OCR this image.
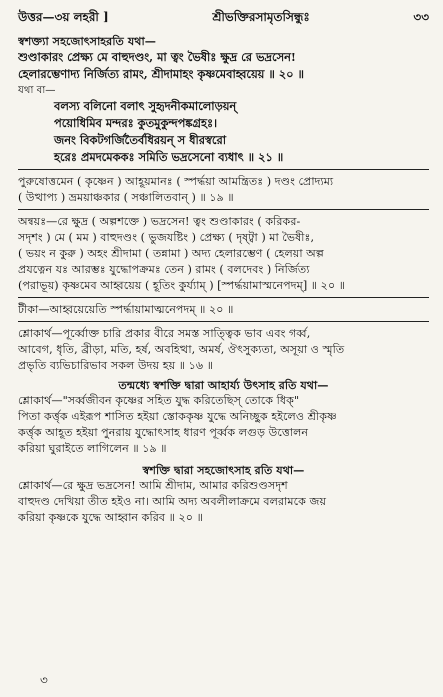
উত্তর—৩য় লহরী ]	শ্রীভক্তিরসামৃতসিন্ধুঃ	৩৩
স্বশক্ত্যা সহজোৎসাহরতি যথা—
শুণ্ডাকারং প্রেক্ষ্য মে বাহুদণ্ডং, মা ত্বং ভৈষীঃ ক্ষুদ্র রে ভদ্রসেন!
হেলারম্ভেণাদ্য নির্জিত্য রামং, শ্রীদামাহং কৃষ্ণমেবাহ্বয়েয় ॥ ২০ ॥
যথা বা—
বলস্য বলিনো বলাৎ সুহৃদনীকমালোড়য়ন্
পয়োধিমিব মন্দরঃ কুতমুকুন্দপঙ্কগ্রহঃ।
জনং বিকটগর্জিতৈর্বধিরয়ন্ স ধীরস্বরো
হরেঃ প্রমদমেককঃ সমিতি ভদ্রসেনো ব্যধাৎ ॥ ২১ ॥
পুরুষোত্তমেন ( কৃষ্ণেন ) আহূয়মানঃ ( স্পর্দ্ধয়া আমন্ত্রিতঃ ) দণ্ডং প্রোদ্যম্য
( উত্থাপ্য ) ভ্রময়াঞ্চকার ( সঞ্চালিতবান্ ) ॥ ১৯ ॥
অন্বয়ঃ—রে ক্ষুদ্র ( অল্পশক্তে ) ভদ্রসেন! ত্বং শুণ্ডাকারং ( করিকর-
সদৃশং ) মে ( মম ) বাহুদণ্ডং ( ভুজযষ্টিং ) প্রেক্ষ্য ( দৃষ্ট্বা ) মা ভৈষীঃ,
( ভয়ং ন কুরু ) অহং শ্রীদামা ( তন্নামা ) অদ্য হেলারম্ভেণ ( হেলয়া অল্প
প্রযত্নেন যঃ আরম্ভঃ যুদ্ধোপক্রমঃ তেন ) রামং ( বলদেবং ) নির্জিত্য
(পরাভূয়) কৃষ্ণমেব আহ্বয়েয় ( হূতিং কুর্য্যাম্ ) [স্পর্দ্ধয়ামাস্মনেপদম্] ॥ ২০ ॥
টীকা—আহ্বয়েয়েতি স্পর্দ্ধায়ামাত্মনেপদম্ ॥ ২০ ॥
শ্লোকার্থ—পূর্ব্বোক্ত চারি প্রকার বীরে সমস্ত সাত্ত্বিক ভাব এবং গর্ব্ব,
আবেগ, ধৃতি, ব্রীড়া, মতি, হর্ষ, অবহিত্থা, অমর্ষ, ঔৎসুক্যতা, অসূয়া ও স্মৃতি
প্রভৃতি ব্যভিচারিভাব সকল উদয় হয় ॥ ১৬ ॥
তন্মধ্যে স্বশক্তি দ্বারা আহার্য্য উৎসাহ রতি যথা—
শ্লোকার্থ—"সর্ব্বজীবন কৃষ্ণের সহিত যুদ্ধ করিতেছিস্ তোকে ধিক্"
পিতা কর্ত্তৃক এইরূপ শাসিত হইয়া স্তোককৃষ্ণ যুদ্ধে অনিচ্ছুক হইলেও শ্রীকৃষ্ণ
কর্ত্তৃক আহূত হইয়া পুনরায় যুদ্ধোৎসাহ ধারণ পূর্ব্বক লগুড় উত্তোলন
করিয়া ঘুরাইতে লাগিলেন ॥ ১৯ ॥
স্বশক্তি দ্বারা সহজোৎসাহ রতি যথা—
শ্লোকার্থ—রে ক্ষুদ্র ভদ্রসেন! আমি শ্রীদাম, আমার করিশুণ্ডসদৃশ
বাহুদণ্ড দেখিয়া তীত হইও না। আমি অদ্য অবলীলাক্রমে বলরামকে জয়
করিয়া কৃষ্ণকে যুদ্ধে আহ্বান করিব ॥ ২০ ॥
৩
